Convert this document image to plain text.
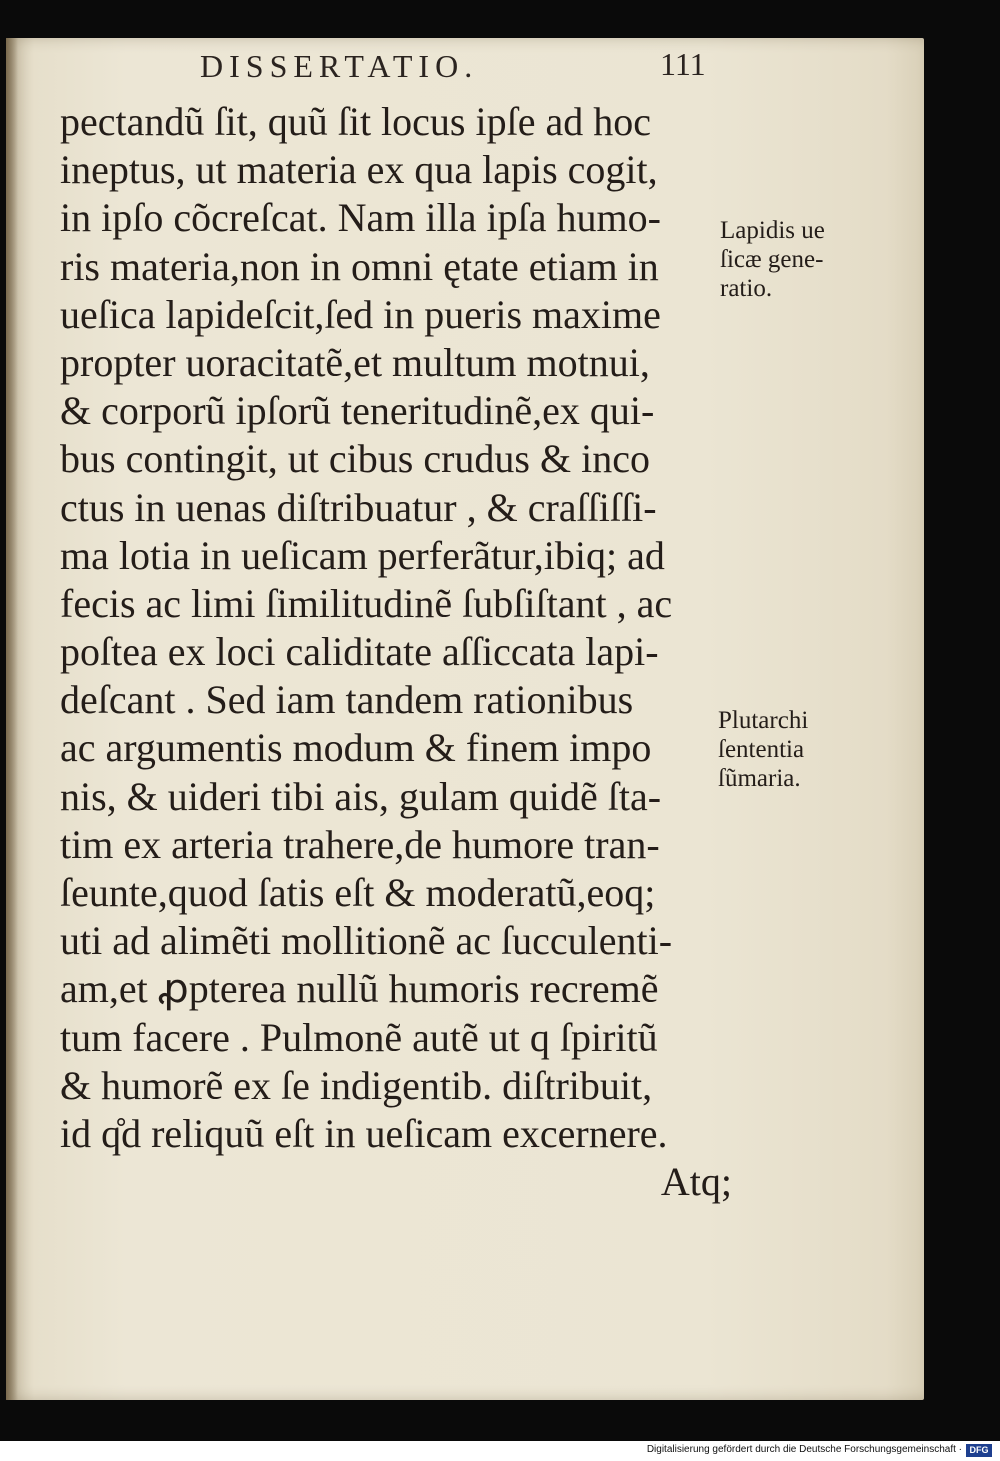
DISSERTATIO.	111
pectandũ ſit, quũ ſit locus ipſe ad hoc
ineptus, ut materia ex qua lapis cogit,
in ipſo cõcreſcat. Nam illa ipſa humo-
ris materia,non in omni ętate etiam in
ueſica lapideſcit,ſed in pueris maxime
propter uoracitatẽ,et multum motnui,
& corporũ ipſorũ teneritudinẽ,ex qui-
bus contingit, ut cibus crudus & inco
ctus in uenas diſtribuatur , & craſſiſſi-
ma lotia in ueſicam perferãtur,ibiq; ad
fecis ac limi ſimilitudinẽ ſubſiſtant , ac
poſtea ex loci caliditate aſſiccata lapi-
deſcant . Sed iam tandem rationibus
ac argumentis modum & finem impo
nis, & uideri tibi ais, gulam quidẽ ſta-
tim ex arteria trahere,de humore tran-
ſeunte,quod ſatis eſt & moderatũ,eoq;
uti ad alimẽti mollitionẽ ac ſucculenti-
am,et ꝓpterea nullũ humoris recremẽ
tum facere . Pulmonẽ autẽ ut q ſpiritũ
& humorẽ ex ſe indigentib. diſtribuit,
id q̊d reliquũ eſt in ueſicam excernere.
Atq;
Lapidis ue
ſicæ gene-
ratio.
Plutarchi
ſententia
ſũmaria.
Digitalisierung gefördert durch die Deutsche Forschungsgemeinschaft · DFG
